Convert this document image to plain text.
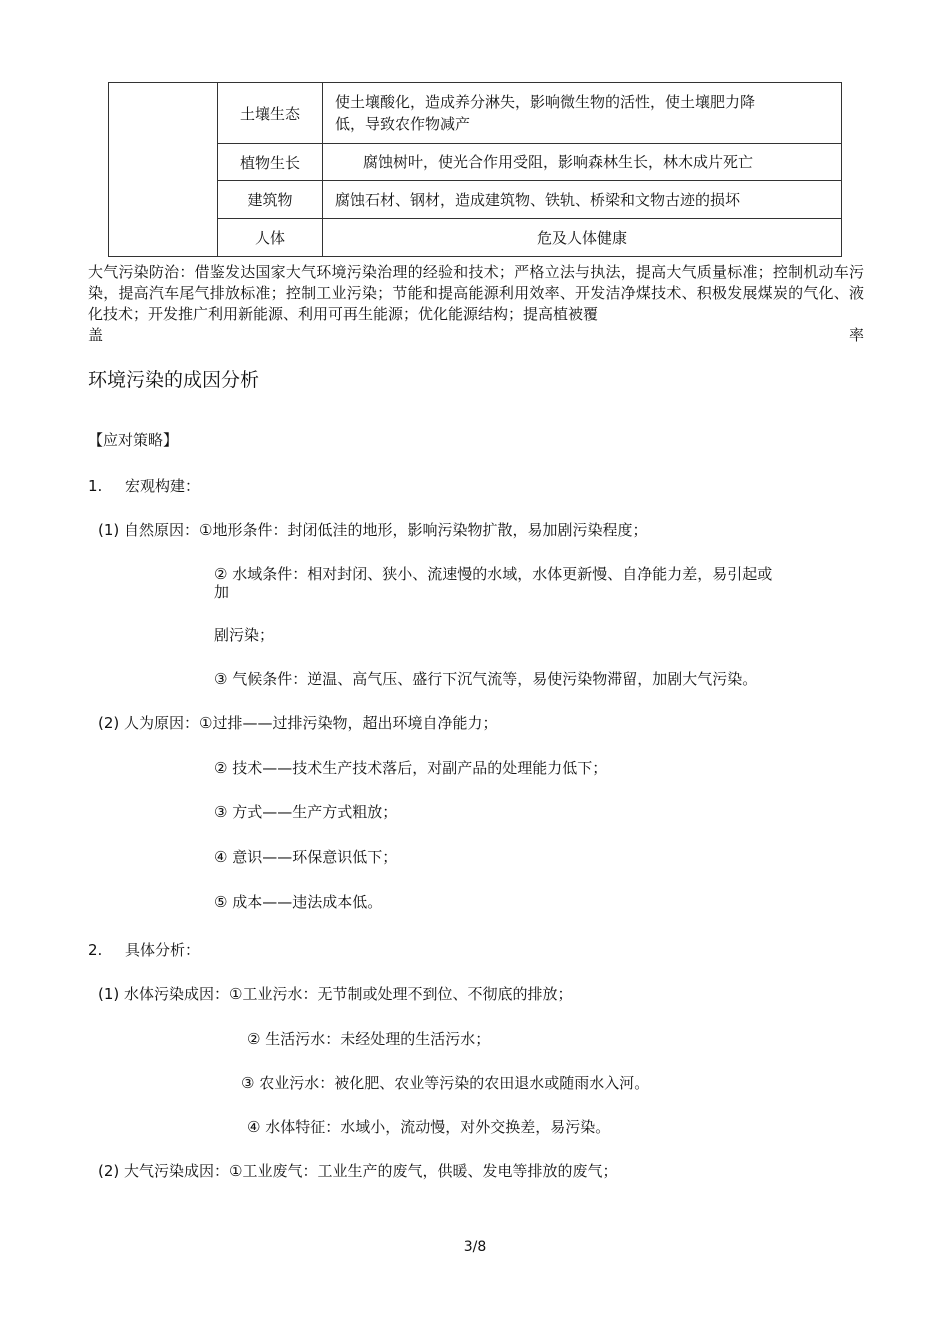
	土壤生态	使土壤酸化，造成养分淋失，影响微生物的活性，使土壤肥力降
低，导致农作物减产

	植物生长	腐蚀树叶，使光合作用受阻，影响森林生长，林木成片死亡
	建筑物	腐蚀石材、钢材，造成建筑物、铁轨、桥梁和文物古迹的损坏
	人体	危及人体健康
大气污染防治：借鉴发达国家大气环境污染治理的经验和技术；严格立法与执法，提高大气质量标准；控制机动车污染，提高汽车尾气排放标准；控制工业污染；节能和提高能源利用效率、开发洁净煤技术、积极发展煤炭的气化、液化技术；开发推广利用新能源、利用可再生能源；优化能源结构；提高植被覆
盖	率
环境污染的成因分析
【应对策略】
1. 宏观构建：
(1) 自然原因：①地形条件：封闭低洼的地形，影响污染物扩散，易加剧污染程度；
② 水域条件：相对封闭、狭小、流速慢的水域，水体更新慢、自净能力差，易引起或
加
剧污染；
③ 气候条件：逆温、高气压、盛行下沉气流等，易使污染物滞留，加剧大气污染。
(2) 人为原因：①过排——过排污染物，超出环境自净能力；
② 技术——技术生产技术落后，对副产品的处理能力低下；
③ 方式——生产方式粗放；
④ 意识——环保意识低下；
⑤ 成本——违法成本低。
2. 具体分析：
(1) 水体污染成因：①工业污水：无节制或处理不到位、不彻底的排放；
② 生活污水：未经处理的生活污水；
③ 农业污水：被化肥、农业等污染的农田退水或随雨水入河。
④ 水体特征：水域小，流动慢，对外交换差，易污染。
(2) 大气污染成因：①工业废气：工业生产的废气，供暖、发电等排放的废气；
3/8
